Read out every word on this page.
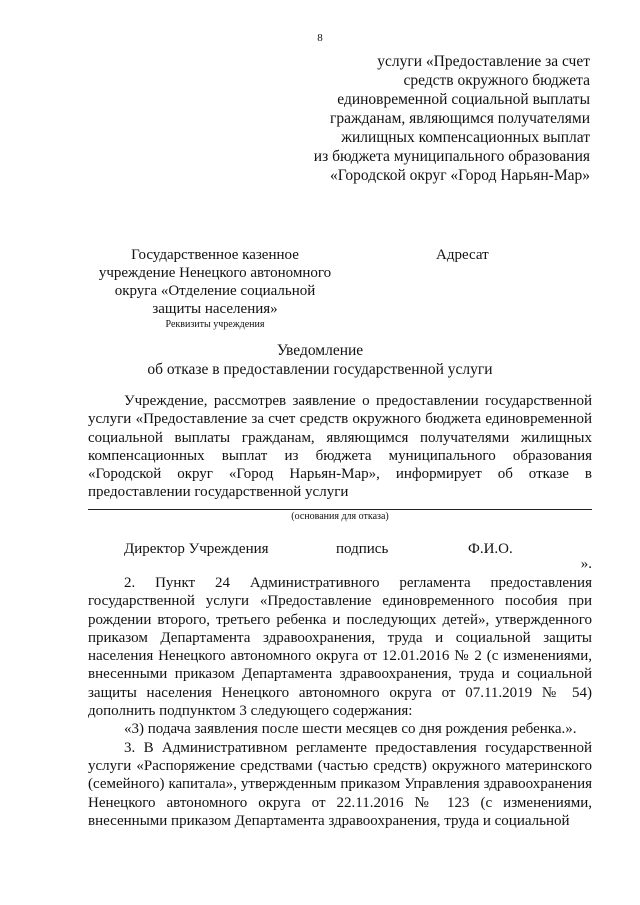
8
услуги «Предоставление за счет
средств окружного бюджета
единовременной социальной выплаты
гражданам, являющимся получателями
жилищных компенсационных выплат
из бюджета муниципального образования
«Городской округ «Город Нарьян-Мар»
Государственное казенное
учреждение Ненецкого автономного
округа «Отделение социальной
защиты населения»
Реквизиты учреждения
Адресат
Уведомление
об отказе в предоставлении государственной услуги
Учреждение, рассмотрев заявление о предоставлении государственной услуги «Предоставление за счет средств окружного бюджета единовременной социальной выплаты гражданам, являющимся получателями жилищных компенсационных выплат из бюджета муниципального образования «Городской округ «Город Нарьян-Мар», информирует об отказе в предоставлении государственной услуги
(основания для отказа)
Директор Учреждения	подпись	Ф.И.О.
».

2. Пункт 24 Административного регламента предоставления государственной услуги «Предоставление единовременного пособия при рождении второго, третьего ребенка и последующих детей», утвержденного приказом Департамента здравоохранения, труда и социальной защиты населения Ненецкого автономного округа от 12.01.2016 № 2 (с изменениями, внесенными приказом Департамента здравоохранения, труда и социальной защиты населения Ненецкого автономного округа от 07.11.2019 № 54) дополнить подпунктом 3 следующего содержания:

«3) подача заявления после шести месяцев со дня рождения ребенка.».

3. В Административном регламенте предоставления государственной услуги «Распоряжение средствами (частью средств) окружного материнского (семейного) капитала», утвержденным приказом Управления здравоохранения Ненецкого автономного округа от 22.11.2016 № 123 (с изменениями, внесенными приказом Департамента здравоохранения, труда и социальной
